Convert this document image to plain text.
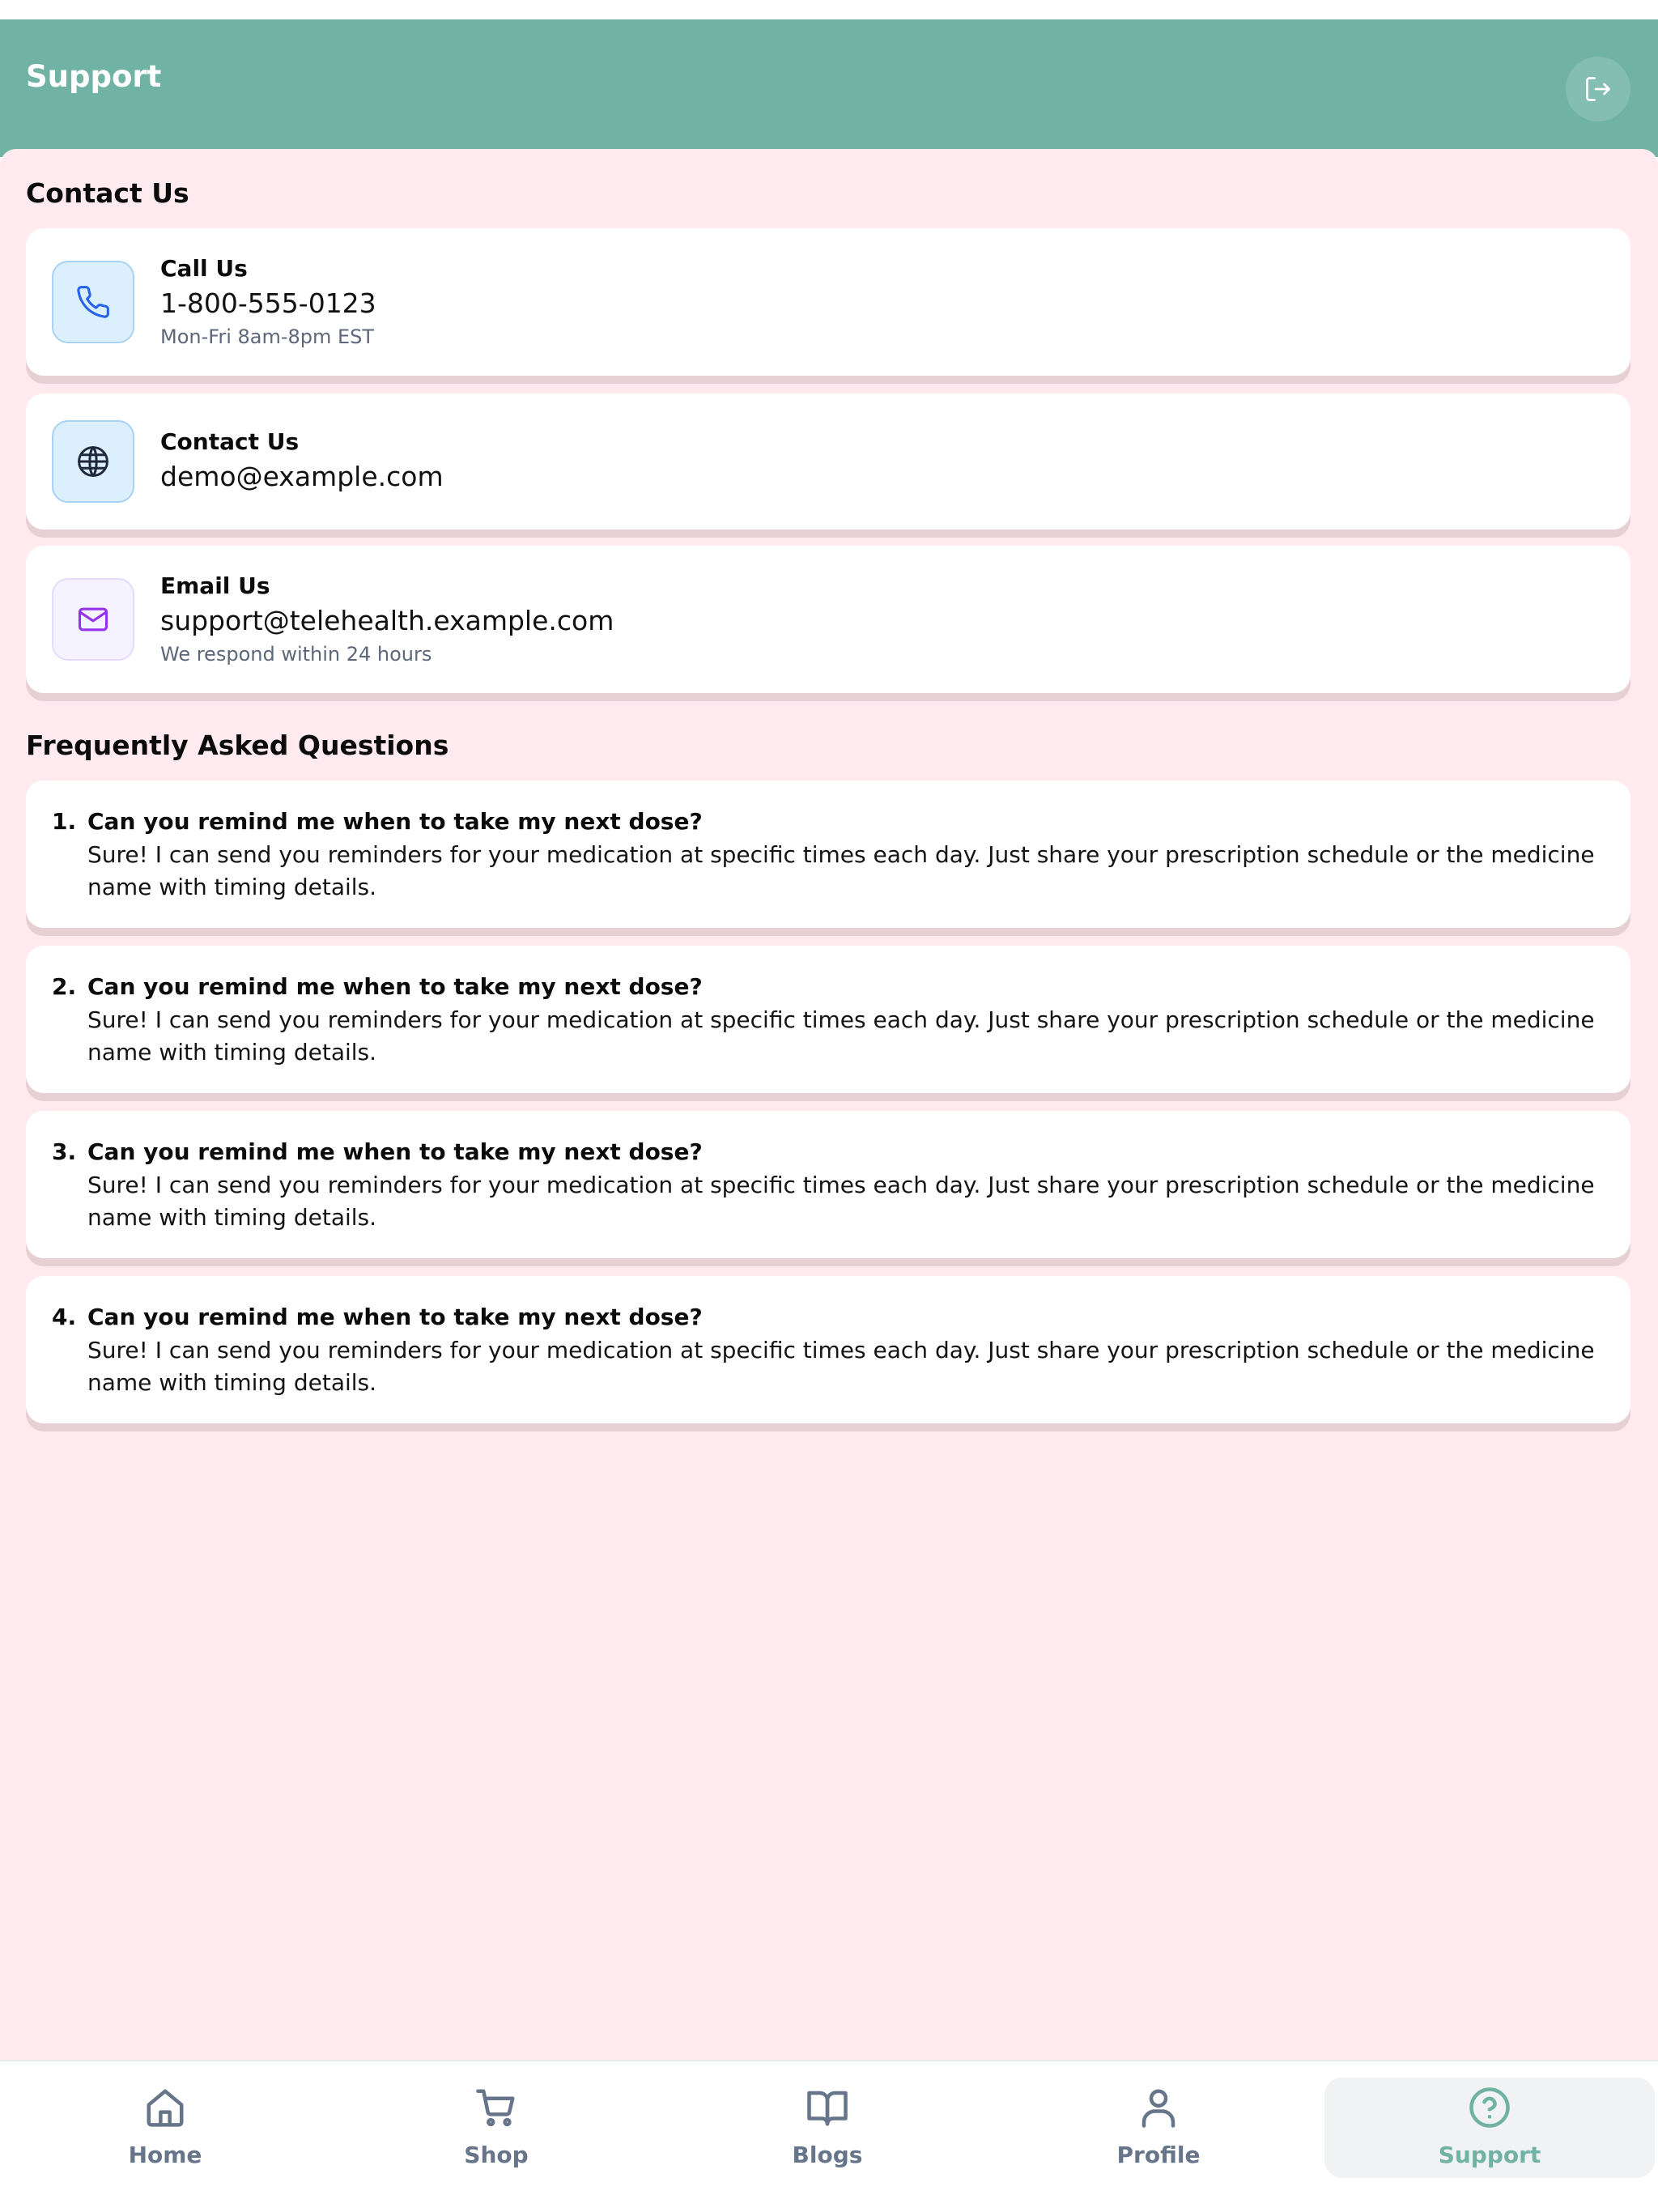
Support
Contact Us
Call Us
1-800-555-0123
Mon-Fri 8am-8pm EST
Contact Us
demo@example.com
Email Us
support@telehealth.example.com
We respond within 24 hours
Frequently Asked Questions
1. Can you remind me when to take my next dose?
Sure! I can send you reminders for your medication at specific times each day. Just share your prescription schedule or the medicine name with timing details.
2. Can you remind me when to take my next dose?
Sure! I can send you reminders for your medication at specific times each day. Just share your prescription schedule or the medicine name with timing details.
3. Can you remind me when to take my next dose?
Sure! I can send you reminders for your medication at specific times each day. Just share your prescription schedule or the medicine name with timing details.
4. Can you remind me when to take my next dose?
Sure! I can send you reminders for your medication at specific times each day. Just share your prescription schedule or the medicine name with timing details.
Home	Shop	Blogs	Profile	Support
